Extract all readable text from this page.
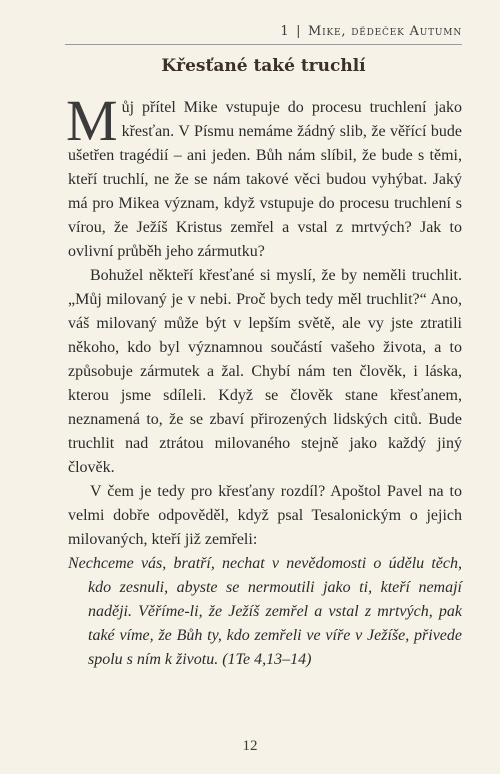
1 | Mike, dědeček Autumn
Křesťané také truchlí

Můj přítel Mike vstupuje do procesu truchlení jako křesťan. V Písmu nemáme žádný slib, že věřící bude ušetřen tragédií – ani jeden. Bůh nám slíbil, že bude s těmi, kteří truchlí, ne že se nám takové věci budou vyhýbat. Jaký má pro Mikea význam, když vstupuje do procesu truchlení s vírou, že Ježíš Kristus zemřel a vstal z mrtvých? Jak to ovlivní průběh jeho zármutku?

Bohužel někteří křesťané si myslí, že by neměli truchlit. „Můj milovaný je v nebi. Proč bych tedy měl truchlit?“ Ano, váš milovaný může být v lepším světě, ale vy jste ztratili někoho, kdo byl významnou součástí vašeho života, a to způsobuje zármutek a žal. Chybí nám ten člověk, i láska, kterou jsme sdíleli. Když se člověk stane křesťanem, neznamená to, že se zbaví přirozených lidských citů. Bude truchlit nad ztrátou milovaného stejně jako každý jiný člověk.

V čem je tedy pro křesťany rozdíl? Apoštol Pavel na to velmi dobře odpověděl, když psal Tesalonickým o jejich milovaných, kteří již zemřeli:

Nechceme vás, bratří, nechat v nevědomosti o údělu těch, kdo zesnuli, abyste se nermoutili jako ti, kteří nemají naději. Věříme-li, že Ježíš zemřel a vstal z mrtvých, pak také víme, že Bůh ty, kdo zemřeli ve víře v Ježíše, přivede spolu s ním k životu. (1Te 4,13–14)

12
